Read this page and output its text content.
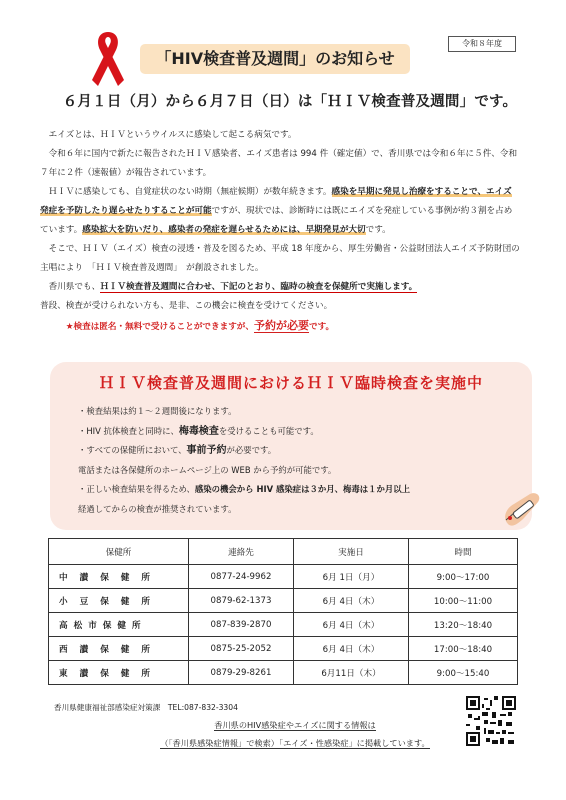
令和８年度
「HIV検査普及週間」のお知らせ
６月１日（月）から６月７日（日）は「ＨＩＶ検査普及週間」です。

エイズとは、ＨＩＶというウイルスに感染して起こる病気です。

令和６年に国内で新たに報告されたＨＩＶ感染者、エイズ患者は 994 件（確定値）で、香川県では令和６年に５件、令和７年に２件（速報値）が報告されています。

ＨＩＶに感染しても、自覚症状のない時期（無症候期）が数年続きます。感染を早期に発見し治療をすることで、エイズ発症を予防したり遅らせたりすることが可能ですが、現状では、診断時には既にエイズを発症している事例が約３割を占めています。感染拡大を防いだり、感染者の発症を遅らせるためには、早期発見が大切です。

そこで、ＨＩＶ（エイズ）検査の浸透・普及を図るため、平成 18 年度から、厚生労働省・公益財団法人エイズ予防財団の主唱により　「ＨＩＶ検査普及週間」　が創設されました。

香川県でも、ＨＩＶ検査普及週間に合わせ、下記のとおり、臨時の検査を保健所で実施します。

普段、検査が受けられない方も、是非、この機会に検査を受けてください。

★検査は匿名・無料で受けることができますが、予約が必要です。

ＨＩＶ検査普及週間におけるＨＩＶ臨時検査を実施中
・検査結果は約１～２週間後になります。
・HIV 抗体検査と同時に、梅毒検査を受けることも可能です。
・すべての保健所において、事前予約が必要です。
電話または各保健所のホームページ上の WEB から予約が可能です。
・正しい検査結果を得るため、感染の機会から HIV 感染症は３か月、梅毒は１か月以上
経過してからの検査が推奨されています。
保健所	連絡先	実施日	時間
中讃保健所	0877-24-9962	6月 1日（月）	9:00～17:00
小豆保健所	0879-62-1373	6月 4日（木）	10:00～11:00
高松市保健所	087-839-2870	6月 4日（木）	13:20～18:40
西讃保健所	0875-25-2052	6月 4日（木）	17:00～18:40
東讃保健所	0879-29-8261	6月11日（木）	9:00～15:40
香川県健康福祉部感染症対策課　TEL:087-832-3304
香川県のHIV感染症やエイズに関する情報は
（「香川県感染症情報」で検索）「エイズ・性感染症」に掲載しています。
